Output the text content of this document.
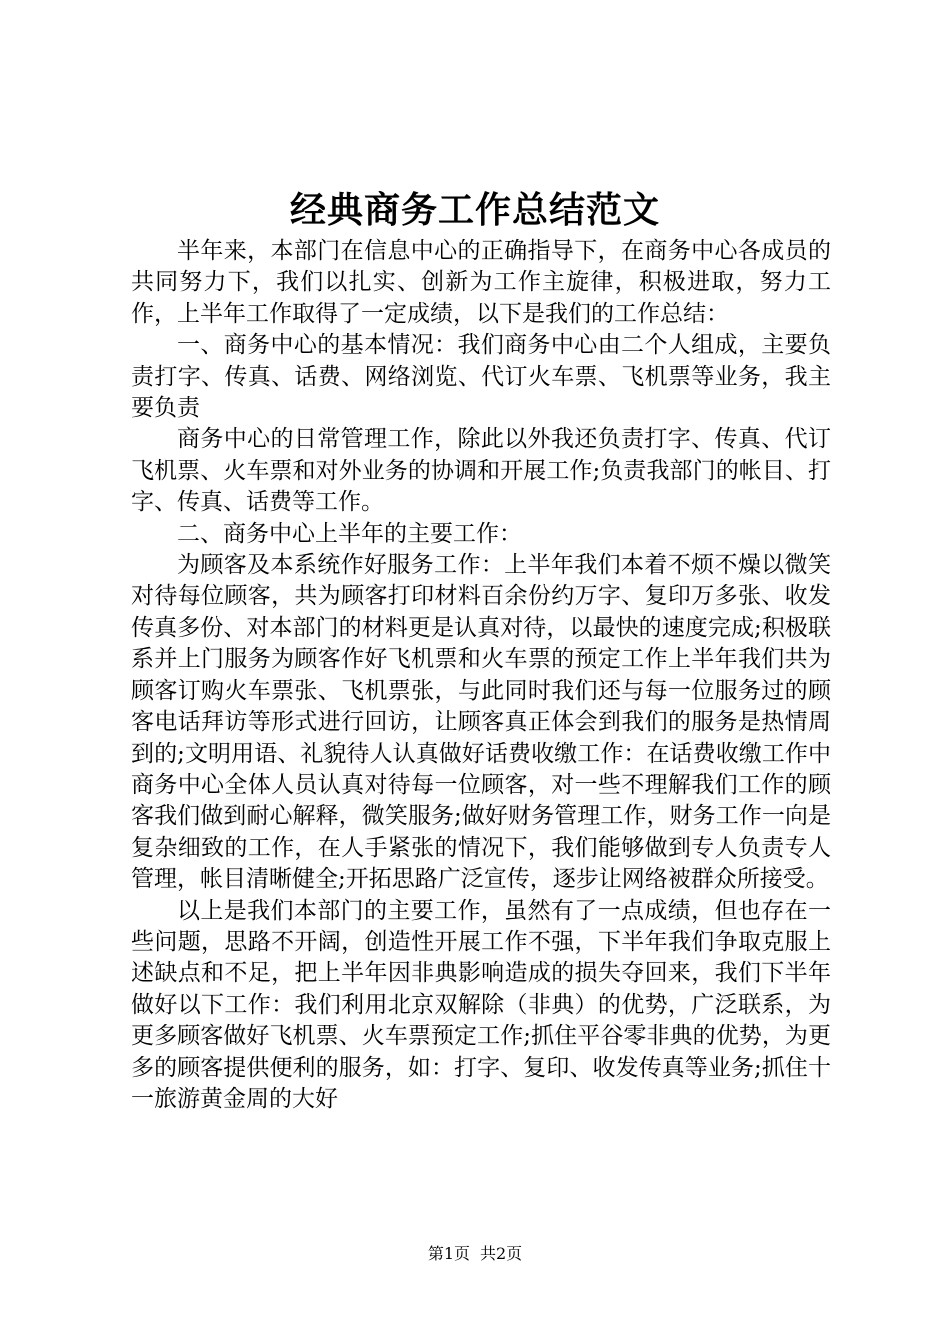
经典商务工作总结范文

半年来，本部门在信息中心的正确指导下，在商务中心各成员的共同努力下，我们以扎实、创新为工作主旋律，积极进取，努力工作，上半年工作取得了一定成绩，以下是我们的工作总结：

一、商务中心的基本情况：我们商务中心由二个人组成，主要负责打字、传真、话费、网络浏览、代订火车票、飞机票等业务，我主要负责

商务中心的日常管理工作，除此以外我还负责打字、传真、代订飞机票、火车票和对外业务的协调和开展工作;负责我部门的帐目、打字、传真、话费等工作。

二、商务中心上半年的主要工作：

为顾客及本系统作好服务工作：上半年我们本着不烦不燥以微笑对待每位顾客，共为顾客打印材料百余份约万字、复印万多张、收发传真多份、对本部门的材料更是认真对待，以最快的速度完成;积极联系并上门服务为顾客作好飞机票和火车票的预定工作上半年我们共为顾客订购火车票张、飞机票张，与此同时我们还与每一位服务过的顾客电话拜访等形式进行回访，让顾客真正体会到我们的服务是热情周到的;文明用语、礼貌待人认真做好话费收缴工作：在话费收缴工作中商务中心全体人员认真对待每一位顾客，对一些不理解我们工作的顾客我们做到耐心解释，微笑服务;做好财务管理工作，财务工作一向是复杂细致的工作，在人手紧张的情况下，我们能够做到专人负责专人管理，帐目清晰健全;开拓思路广泛宣传，逐步让网络被群众所接受。

以上是我们本部门的主要工作，虽然有了一点成绩，但也存在一些问题，思路不开阔，创造性开展工作不强，下半年我们争取克服上述缺点和不足，把上半年因非典影响造成的损失夺回来，我们下半年做好以下工作：我们利用北京双解除（非典）的优势，广泛联系，为更多顾客做好飞机票、火车票预定工作;抓住平谷零非典的优势，为更多的顾客提供便利的服务，如：打字、复印、收发传真等业务;抓住十一旅游黄金周的大好

第1页 共2页
